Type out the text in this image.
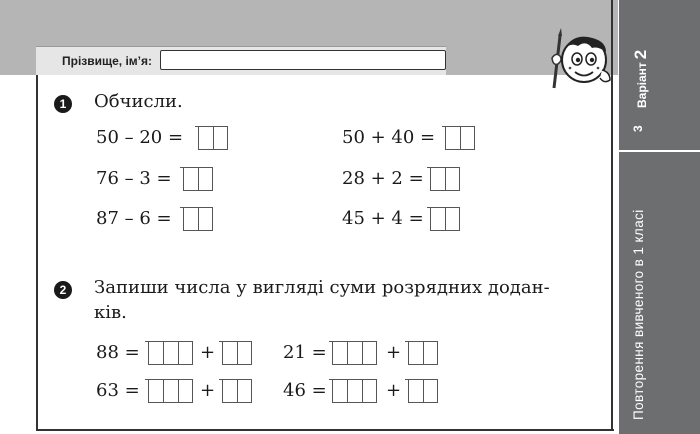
Прізвище, ім’я:
Варіант2
3
Повторення вивченого в 1 класі
1	Обчисли.
50 – 20 =
76 – 3 =
87 – 6 =
50 + 40 =
28 + 2 =
45 + 4 =
2	Запиши числа у вигляді суми розрядних додан-
ків.
88 =
63 =
21 =
46 =
+
+
+
+
